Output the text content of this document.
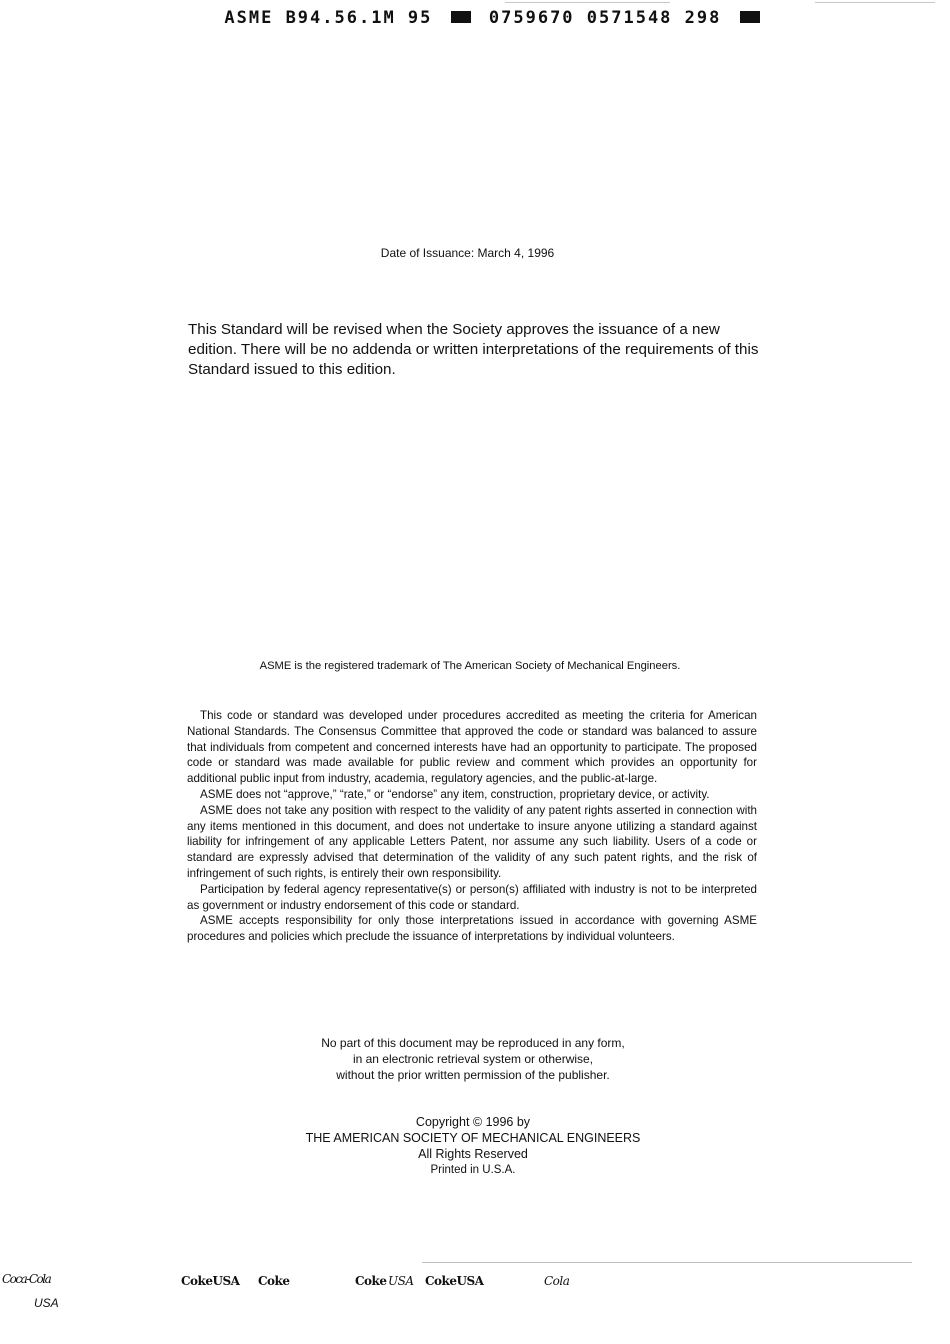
ASME B94.56.1M 95	0759670 0571548 298
Date of Issuance: March 4, 1996
This Standard will be revised when the Society approves the issuance of a new edition. There will be no addenda or written interpretations of the requirements of this Standard issued to this edition.
ASME is the registered trademark of The American Society of Mechanical Engineers.

This code or standard was developed under procedures accredited as meeting the criteria for American National Standards. The Consensus Committee that approved the code or standard was balanced to assure that individuals from competent and concerned interests have had an opportunity to participate. The proposed code or standard was made available for public review and comment which provides an opportunity for additional public input from industry, academia, regulatory agencies, and the public-at-large.

ASME does not “approve,” “rate,” or “endorse” any item, construction, proprietary device, or activity.

ASME does not take any position with respect to the validity of any patent rights asserted in connection with any items mentioned in this document, and does not undertake to insure anyone utilizing a standard against liability for infringement of any applicable Letters Patent, nor assume any such liability. Users of a code or standard are expressly advised that determination of the validity of any such patent rights, and the risk of infringement of such rights, is entirely their own responsibility.

Participation by federal agency representative(s) or person(s) affiliated with industry is not to be interpreted as government or industry endorsement of this code or standard.

ASME accepts responsibility for only those interpretations issued in accordance with governing ASME procedures and policies which preclude the issuance of interpretations by individual volunteers.

No part of this document may be reproduced in any form,
in an electronic retrieval system or otherwise,
without the prior written permission of the publisher.
Copyright © 1996 by
THE AMERICAN SOCIETY OF MECHANICAL ENGINEERS
All Rights Reserved
Printed in U.S.A.
Coca-Cola
USA
CokeUSA Coke	Coke USA CokeUSA	Cola
